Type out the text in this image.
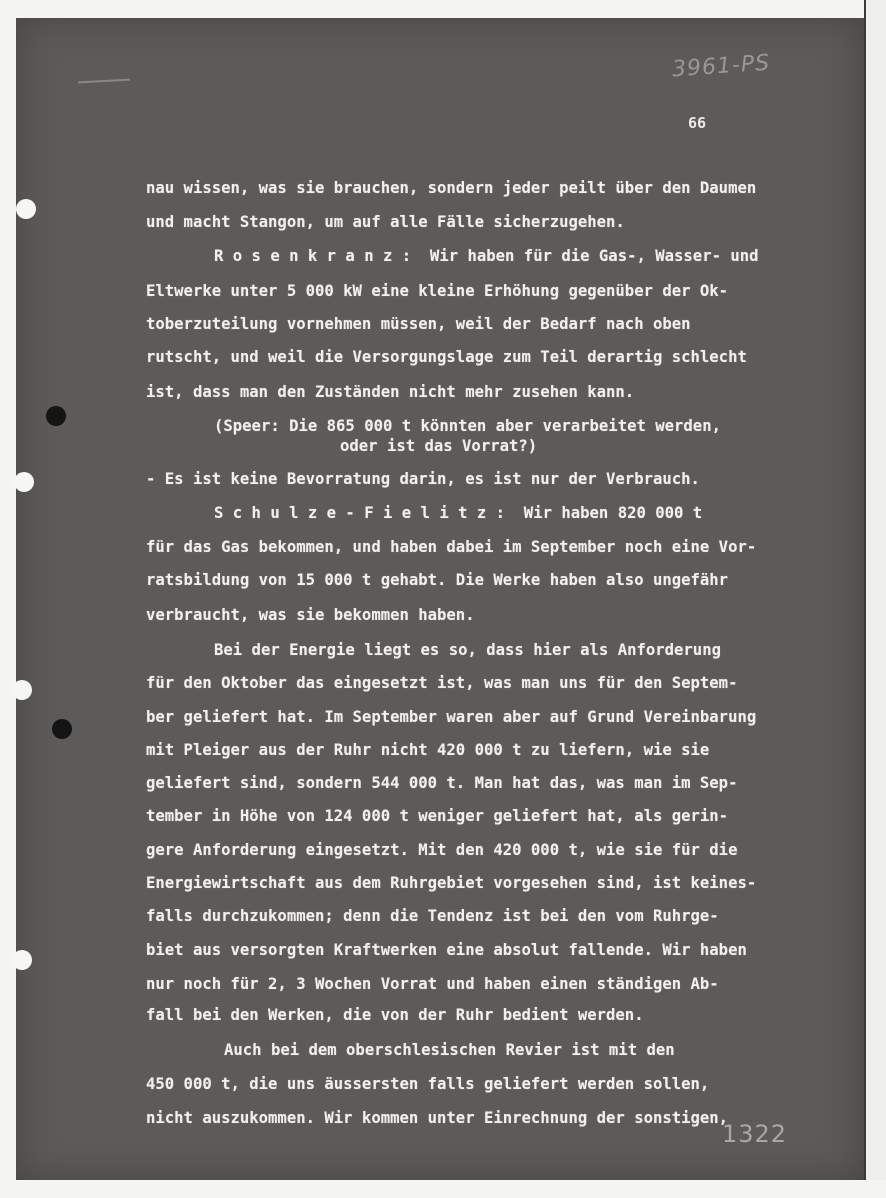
3961-PS
66
nau wissen, was sie brauchen, sondern jeder peilt über den Daumen
und macht Stangon, um auf alle Fälle sicherzugehen.
R o s e n k r a n z :  Wir haben für die Gas-, Wasser- und
Eltwerke unter 5 000 kW eine kleine Erhöhung gegenüber der Ok-
toberzuteilung vornehmen müssen, weil der Bedarf nach oben
rutscht, und weil die Versorgungslage zum Teil derartig schlecht
ist, dass man den Zuständen nicht mehr zusehen kann.
(Speer: Die 865 000 t könnten aber verarbeitet werden,
oder ist das Vorrat?)
- Es ist keine Bevorratung darin, es ist nur der Verbrauch.
S c h u l z e - F i e l i t z :  Wir haben 820 000 t
für das Gas bekommen, und haben dabei im September noch eine Vor-
ratsbildung von 15 000 t gehabt. Die Werke haben also ungefähr
verbraucht, was sie bekommen haben.
Bei der Energie liegt es so, dass hier als Anforderung
für den Oktober das eingesetzt ist, was man uns für den Septem-
ber geliefert hat. Im September waren aber auf Grund Vereinbarung
mit Pleiger aus der Ruhr nicht 420 000 t zu liefern, wie sie
geliefert sind, sondern 544 000 t. Man hat das, was man im Sep-
tember in Höhe von 124 000 t weniger geliefert hat, als gerin-
gere Anforderung eingesetzt. Mit den 420 000 t, wie sie für die
Energiewirtschaft aus dem Ruhrgebiet vorgesehen sind, ist keines-
falls durchzukommen; denn die Tendenz ist bei den vom Ruhrge-
biet aus versorgten Kraftwerken eine absolut fallende. Wir haben
nur noch für 2, 3 Wochen Vorrat und haben einen ständigen Ab-
fall bei den Werken, die von der Ruhr bedient werden.
Auch bei dem oberschlesischen Revier ist mit den
450 000 t, die uns äussersten falls geliefert werden sollen,
nicht auszukommen. Wir kommen unter Einrechnung der sonstigen,
1322
